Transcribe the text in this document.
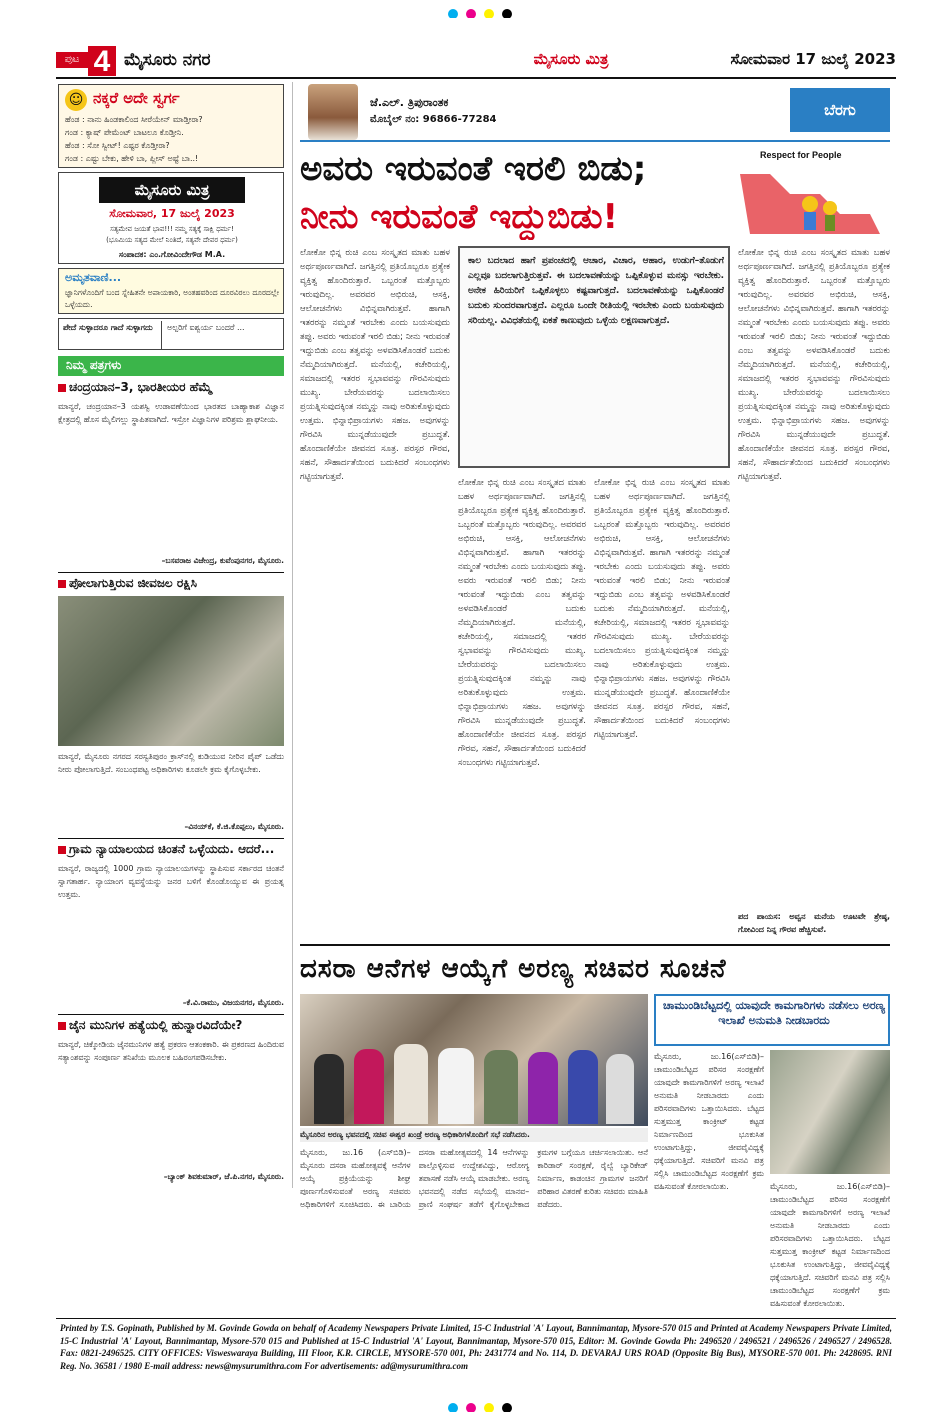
ಪುಟ 4 ಮೈಸೂರು ನಗರ	ಮೈಸೂರು ಮಿತ್ರ	ಸೋಮವಾರ 17 ಜುಲೈ 2023
☺ ನಕ್ಕರೆ ಅದೇ ಸ್ವರ್ಗ
ಹೆಂಡ : ನಾನು ಹಿಂಡಕಾಲಿಂದ ಸೀರೆಯೇನ್ ಮಾಡ್ತೀರಾ?
ಗಂಡ : ಕ್ಯಾಷ್ ಪೇಮೆಂಟ್ ಬಾಟಲೂ ಕೊಡ್ತೀನಿ.
ಹೆಂಡ : ಸೋ ಸ್ವೀಟ್! ಎಷ್ಟರ ಕೊಡ್ತೀರಾ?
ಗಂಡ : ಎಷ್ಟು ಬೇಕು, ಹೇಳಿ ಬಾ, ಪ್ಲೀಸ್ ಅಷ್ಟೆ ಬಾ..!
ಮೈಸೂರು ಮಿತ್ರ
ಸೋಮವಾರ, 17 ಜುಲೈ 2023
ಸತ್ಯಮೇವ ಜಯತೆ ಭಾವ!!! ನಮ್ಮ ಸತ್ಯಕ್ಕೆ ಸಾಕ್ಷಿ ಧರ್ಮ!
(ಭೂಮಿಯ ಸತ್ಯದ ಮೇಲೆ ನಿಂತಿದೆ, ಸತ್ಯವೇ ದೇವರ ಧರ್ಮ)
ಸಂಪಾದಕ: ಎಂ.ಗೋವಿಂದೇಗೌಡ M.A.
ಅಮೃತವಾಣಿ...
ಜ್ಞಾನಿಗಳೊಂದಿಗೆ ಬಂದ ಸ್ನೇಹಿತನೇ ಅಪಾಯಕಾರಿ, ಅಂತಹವರಿಂದ ದೂರವಿರಲು ದೂರದಲ್ಲೇ ಒಳ್ಳೆಯದು.
ಪೇದೆ ಸುಳ್ಳಾದರೂ ಗಾದೆ ಸುಳ್ಳಾಗದು	ಅಲ್ಪರಿಗೆ ಐಶ್ವರ್ಯ ಬಂದರೆ ...
ನಿಮ್ಮ ಪತ್ರಗಳು
ಚಂದ್ರಯಾನ–3, ಭಾರತೀಯರ ಹೆಮ್ಮೆ
ಮಾನ್ಯರೆ, ಚಂದ್ರಯಾನ–3 ಯಶಸ್ವಿ ಉಡಾವಣೆಯಿಂದ ಭಾರತದ ಬಾಹ್ಯಾಕಾಶ ವಿಜ್ಞಾನ ಕ್ಷೇತ್ರದಲ್ಲಿ ಹೊಸ ಮೈಲಿಗಲ್ಲು ಸ್ಥಾಪಿತವಾಗಿದೆ. ಇಸ್ರೋ ವಿಜ್ಞಾನಿಗಳ ಪರಿಶ್ರಮ ಶ್ಲಾಘನೀಯ.
–ಬಸವರಾಜ ವಿಜೇಂದ್ರ, ಕುವೆಂಪುನಗರ, ಮೈಸೂರು.
ಪೋಲಾಗುತ್ತಿರುವ ಜೀವಜಲ ರಕ್ಷಿಸಿ
ಮಾನ್ಯರೆ, ಮೈಸೂರು ನಗರದ ಸರಸ್ವತಿಪುರಂ ಕ್ರಾಸ್‌ನಲ್ಲಿ ಕುಡಿಯುವ ನೀರಿನ ಪೈಪ್ ಒಡೆದು ನೀರು ಪೋಲಾಗುತ್ತಿದೆ. ಸಂಬಂಧಪಟ್ಟ ಅಧಿಕಾರಿಗಳು ಕೂಡಲೇ ಕ್ರಮ ಕೈಗೊಳ್ಳಬೇಕು.
–ವಿನಯ್‌ಕೆ, ಕೆ.ಜಿ.ಕೊಪ್ಪಲು, ಮೈಸೂರು.
ಗ್ರಾಮ ನ್ಯಾಯಾಲಯದ ಚಿಂತನೆ ಒಳ್ಳೆಯದು. ಆದರೆ...
ಮಾನ್ಯರೆ, ರಾಜ್ಯದಲ್ಲಿ 1000 ಗ್ರಾಮ ನ್ಯಾಯಾಲಯಗಳನ್ನು ಸ್ಥಾಪಿಸುವ ಸರ್ಕಾರದ ಚಿಂತನೆ ಸ್ವಾಗತಾರ್ಹ. ನ್ಯಾಯಾಂಗ ವ್ಯವಸ್ಥೆಯನ್ನು ಜನರ ಬಳಿಗೆ ಕೊಂಡೊಯ್ಯುವ ಈ ಪ್ರಯತ್ನ ಉತ್ತಮ.
–ಕೆ.ವಿ.ರಾಮು, ವಿಜಯನಗರ, ಮೈಸೂರು.
ಜೈನ ಮುನಿಗಳ ಹತ್ಯೆಯಲ್ಲಿ ಹುನ್ನಾರವಿದೆಯೇ?
ಮಾನ್ಯರೆ, ಚಿಕ್ಕೋಡಿಯ ಜೈನಮುನಿಗಳ ಹತ್ಯೆ ಪ್ರಕರಣ ಆತಂಕಕಾರಿ. ಈ ಪ್ರಕರಣದ ಹಿಂದಿರುವ ಸತ್ಯಾಂಶವನ್ನು ಸಂಪೂರ್ಣ ತನಿಖೆಯ ಮೂಲಕ ಬಹಿರಂಗಪಡಿಸಬೇಕು.
–ಬ್ಯಾಂಕ್ ಶಿವಕುಮಾರ್, ಜೆ.ಪಿ.ನಗರ, ಮೈಸೂರು.
ಜೆ.ಎಲ್. ತ್ರಿಪುರಾಂತಕ
ಮೊಬೈಲ್ ನಂ: 96866-77284
ಬೆರಗು
ಅವರು ಇರುವಂತೆ ಇರಲಿ ಬಿಡು;
ನೀನು ಇರುವಂತೆ ಇದ್ದುಬಿಡು!
Respect for People
ಲೋಕೋ ಭಿನ್ನ ರುಚಿ ಎಂಬ ಸಂಸ್ಕೃತದ ಮಾತು ಬಹಳ ಅರ್ಥಪೂರ್ಣವಾಗಿದೆ. ಜಗತ್ತಿನಲ್ಲಿ ಪ್ರತಿಯೊಬ್ಬರೂ ಪ್ರತ್ಯೇಕ ವ್ಯಕ್ತಿತ್ವ ಹೊಂದಿರುತ್ತಾರೆ. ಒಬ್ಬರಂತೆ ಮತ್ತೊಬ್ಬರು ಇರುವುದಿಲ್ಲ. ಅವರವರ ಅಭಿರುಚಿ, ಆಸಕ್ತಿ, ಆಲೋಚನೆಗಳು ವಿಭಿನ್ನವಾಗಿರುತ್ತವೆ. ಹಾಗಾಗಿ ಇತರರನ್ನು ನಮ್ಮಂತೆ ಇರಬೇಕು ಎಂದು ಬಯಸುವುದು ತಪ್ಪು. ಅವರು ಇರುವಂತೆ ಇರಲಿ ಬಿಡು; ನೀನು ಇರುವಂತೆ ಇದ್ದುಬಿಡು ಎಂಬ ತತ್ವವನ್ನು ಅಳವಡಿಸಿಕೊಂಡರೆ ಬದುಕು ನೆಮ್ಮದಿಯಾಗಿರುತ್ತದೆ. ಮನೆಯಲ್ಲಿ, ಕಚೇರಿಯಲ್ಲಿ, ಸಮಾಜದಲ್ಲಿ ಇತರರ ಸ್ವಭಾವವನ್ನು ಗೌರವಿಸುವುದು ಮುಖ್ಯ. ಬೇರೆಯವರನ್ನು ಬದಲಾಯಿಸಲು ಪ್ರಯತ್ನಿಸುವುದಕ್ಕಿಂತ ನಮ್ಮನ್ನು ನಾವು ಅರಿತುಕೊಳ್ಳುವುದು ಉತ್ತಮ. ಭಿನ್ನಾಭಿಪ್ರಾಯಗಳು ಸಹಜ. ಅವುಗಳನ್ನು ಗೌರವಿಸಿ ಮುನ್ನಡೆಯುವುದೇ ಪ್ರಬುದ್ಧತೆ. ಹೊಂದಾಣಿಕೆಯೇ ಜೀವನದ ಸೂತ್ರ. ಪರಸ್ಪರ ಗೌರವ, ಸಹನೆ, ಸೌಹಾರ್ದತೆಯಿಂದ ಬದುಕಿದರೆ ಸಂಬಂಧಗಳು ಗಟ್ಟಿಯಾಗುತ್ತವೆ.
ಕಾಲ ಬದಲಾದ ಹಾಗೆ ಪ್ರಪಂಚದಲ್ಲಿ ಆಚಾರ, ವಿಚಾರ, ಆಹಾರ, ಉಡುಗೆ–ತೊಡುಗೆ ಎಲ್ಲವೂ ಬದಲಾಗುತ್ತಿರುತ್ತವೆ. ಈ ಬದಲಾವಣೆಯನ್ನು ಒಪ್ಪಿಕೊಳ್ಳುವ ಮನಸ್ಸು ಇರಬೇಕು. ಅನೇಕ ಹಿರಿಯರಿಗೆ ಒಪ್ಪಿಕೊಳ್ಳಲು ಕಷ್ಟವಾಗುತ್ತದೆ. ಬದಲಾವಣೆಯನ್ನು ಒಪ್ಪಿಕೊಂಡರೆ ಬದುಕು ಸುಂದರವಾಗುತ್ತದೆ. ಎಲ್ಲರೂ ಒಂದೇ ರೀತಿಯಲ್ಲಿ ಇರಬೇಕು ಎಂದು ಬಯಸುವುದು ಸರಿಯಲ್ಲ. ವಿವಿಧತೆಯಲ್ಲಿ ಏಕತೆ ಕಾಣುವುದು ಒಳ್ಳೆಯ ಲಕ್ಷಣವಾಗುತ್ತದೆ.
ಲೋಕೋ ಭಿನ್ನ ರುಚಿ ಎಂಬ ಸಂಸ್ಕೃತದ ಮಾತು ಬಹಳ ಅರ್ಥಪೂರ್ಣವಾಗಿದೆ. ಜಗತ್ತಿನಲ್ಲಿ ಪ್ರತಿಯೊಬ್ಬರೂ ಪ್ರತ್ಯೇಕ ವ್ಯಕ್ತಿತ್ವ ಹೊಂದಿರುತ್ತಾರೆ. ಒಬ್ಬರಂತೆ ಮತ್ತೊಬ್ಬರು ಇರುವುದಿಲ್ಲ. ಅವರವರ ಅಭಿರುಚಿ, ಆಸಕ್ತಿ, ಆಲೋಚನೆಗಳು ವಿಭಿನ್ನವಾಗಿರುತ್ತವೆ. ಹಾಗಾಗಿ ಇತರರನ್ನು ನಮ್ಮಂತೆ ಇರಬೇಕು ಎಂದು ಬಯಸುವುದು ತಪ್ಪು. ಅವರು ಇರುವಂತೆ ಇರಲಿ ಬಿಡು; ನೀನು ಇರುವಂತೆ ಇದ್ದುಬಿಡು ಎಂಬ ತತ್ವವನ್ನು ಅಳವಡಿಸಿಕೊಂಡರೆ ಬದುಕು ನೆಮ್ಮದಿಯಾಗಿರುತ್ತದೆ. ಮನೆಯಲ್ಲಿ, ಕಚೇರಿಯಲ್ಲಿ, ಸಮಾಜದಲ್ಲಿ ಇತರರ ಸ್ವಭಾವವನ್ನು ಗೌರವಿಸುವುದು ಮುಖ್ಯ. ಬೇರೆಯವರನ್ನು ಬದಲಾಯಿಸಲು ಪ್ರಯತ್ನಿಸುವುದಕ್ಕಿಂತ ನಮ್ಮನ್ನು ನಾವು ಅರಿತುಕೊಳ್ಳುವುದು ಉತ್ತಮ. ಭಿನ್ನಾಭಿಪ್ರಾಯಗಳು ಸಹಜ. ಅವುಗಳನ್ನು ಗೌರವಿಸಿ ಮುನ್ನಡೆಯುವುದೇ ಪ್ರಬುದ್ಧತೆ. ಹೊಂದಾಣಿಕೆಯೇ ಜೀವನದ ಸೂತ್ರ. ಪರಸ್ಪರ ಗೌರವ, ಸಹನೆ, ಸೌಹಾರ್ದತೆಯಿಂದ ಬದುಕಿದರೆ ಸಂಬಂಧಗಳು ಗಟ್ಟಿಯಾಗುತ್ತವೆ.
ಲೋಕೋ ಭಿನ್ನ ರುಚಿ ಎಂಬ ಸಂಸ್ಕೃತದ ಮಾತು ಬಹಳ ಅರ್ಥಪೂರ್ಣವಾಗಿದೆ. ಜಗತ್ತಿನಲ್ಲಿ ಪ್ರತಿಯೊಬ್ಬರೂ ಪ್ರತ್ಯೇಕ ವ್ಯಕ್ತಿತ್ವ ಹೊಂದಿರುತ್ತಾರೆ. ಒಬ್ಬರಂತೆ ಮತ್ತೊಬ್ಬರು ಇರುವುದಿಲ್ಲ. ಅವರವರ ಅಭಿರುಚಿ, ಆಸಕ್ತಿ, ಆಲೋಚನೆಗಳು ವಿಭಿನ್ನವಾಗಿರುತ್ತವೆ. ಹಾಗಾಗಿ ಇತರರನ್ನು ನಮ್ಮಂತೆ ಇರಬೇಕು ಎಂದು ಬಯಸುವುದು ತಪ್ಪು. ಅವರು ಇರುವಂತೆ ಇರಲಿ ಬಿಡು; ನೀನು ಇರುವಂತೆ ಇದ್ದುಬಿಡು ಎಂಬ ತತ್ವವನ್ನು ಅಳವಡಿಸಿಕೊಂಡರೆ ಬದುಕು ನೆಮ್ಮದಿಯಾಗಿರುತ್ತದೆ. ಮನೆಯಲ್ಲಿ, ಕಚೇರಿಯಲ್ಲಿ, ಸಮಾಜದಲ್ಲಿ ಇತರರ ಸ್ವಭಾವವನ್ನು ಗೌರವಿಸುವುದು ಮುಖ್ಯ. ಬೇರೆಯವರನ್ನು ಬದಲಾಯಿಸಲು ಪ್ರಯತ್ನಿಸುವುದಕ್ಕಿಂತ ನಮ್ಮನ್ನು ನಾವು ಅರಿತುಕೊಳ್ಳುವುದು ಉತ್ತಮ. ಭಿನ್ನಾಭಿಪ್ರಾಯಗಳು ಸಹಜ. ಅವುಗಳನ್ನು ಗೌರವಿಸಿ ಮುನ್ನಡೆಯುವುದೇ ಪ್ರಬುದ್ಧತೆ. ಹೊಂದಾಣಿಕೆಯೇ ಜೀವನದ ಸೂತ್ರ. ಪರಸ್ಪರ ಗೌರವ, ಸಹನೆ, ಸೌಹಾರ್ದತೆಯಿಂದ ಬದುಕಿದರೆ ಸಂಬಂಧಗಳು ಗಟ್ಟಿಯಾಗುತ್ತವೆ.
ಲೋಕೋ ಭಿನ್ನ ರುಚಿ ಎಂಬ ಸಂಸ್ಕೃತದ ಮಾತು ಬಹಳ ಅರ್ಥಪೂರ್ಣವಾಗಿದೆ. ಜಗತ್ತಿನಲ್ಲಿ ಪ್ರತಿಯೊಬ್ಬರೂ ಪ್ರತ್ಯೇಕ ವ್ಯಕ್ತಿತ್ವ ಹೊಂದಿರುತ್ತಾರೆ. ಒಬ್ಬರಂತೆ ಮತ್ತೊಬ್ಬರು ಇರುವುದಿಲ್ಲ. ಅವರವರ ಅಭಿರುಚಿ, ಆಸಕ್ತಿ, ಆಲೋಚನೆಗಳು ವಿಭಿನ್ನವಾಗಿರುತ್ತವೆ. ಹಾಗಾಗಿ ಇತರರನ್ನು ನಮ್ಮಂತೆ ಇರಬೇಕು ಎಂದು ಬಯಸುವುದು ತಪ್ಪು. ಅವರು ಇರುವಂತೆ ಇರಲಿ ಬಿಡು; ನೀನು ಇರುವಂತೆ ಇದ್ದುಬಿಡು ಎಂಬ ತತ್ವವನ್ನು ಅಳವಡಿಸಿಕೊಂಡರೆ ಬದುಕು ನೆಮ್ಮದಿಯಾಗಿರುತ್ತದೆ. ಮನೆಯಲ್ಲಿ, ಕಚೇರಿಯಲ್ಲಿ, ಸಮಾಜದಲ್ಲಿ ಇತರರ ಸ್ವಭಾವವನ್ನು ಗೌರವಿಸುವುದು ಮುಖ್ಯ. ಬೇರೆಯವರನ್ನು ಬದಲಾಯಿಸಲು ಪ್ರಯತ್ನಿಸುವುದಕ್ಕಿಂತ ನಮ್ಮನ್ನು ನಾವು ಅರಿತುಕೊಳ್ಳುವುದು ಉತ್ತಮ. ಭಿನ್ನಾಭಿಪ್ರಾಯಗಳು ಸಹಜ. ಅವುಗಳನ್ನು ಗೌರವಿಸಿ ಮುನ್ನಡೆಯುವುದೇ ಪ್ರಬುದ್ಧತೆ. ಹೊಂದಾಣಿಕೆಯೇ ಜೀವನದ ಸೂತ್ರ. ಪರಸ್ಪರ ಗೌರವ, ಸಹನೆ, ಸೌಹಾರ್ದತೆಯಿಂದ ಬದುಕಿದರೆ ಸಂಬಂಧಗಳು ಗಟ್ಟಿಯಾಗುತ್ತವೆ.
ಪದ ಪಾಯಸ: ಅವ್ವನ ಮನೆಯ ಊಟವೇ ಶ್ರೇಷ್ಠ, ಗೋವಿಂದ ನಿನ್ನ ಗೌರವ ಹೆಚ್ಚಿಸುವೆ.
ದಸರಾ ಆನೆಗಳ ಆಯ್ಕೆಗೆ ಅರಣ್ಯ ಸಚಿವರ ಸೂಚನೆ
ಮೈಸೂರಿನ ಅರಣ್ಯ ಭವನದಲ್ಲಿ ಸಚಿವ ಈಶ್ವರ ಖಂಡ್ರೆ ಅರಣ್ಯ ಅಧಿಕಾರಿಗಳೊಂದಿಗೆ ಸಭೆ ನಡೆಸಿದರು.
ಮೈಸೂರು, ಜು.16 (ಎಸ್‌ಬಿಡಿ)– ಮೈಸೂರು ದಸರಾ ಮಹೋತ್ಸವಕ್ಕೆ ಆನೆಗಳ ಆಯ್ಕೆ ಪ್ರಕ್ರಿಯೆಯನ್ನು ಶೀಘ್ರ ಪೂರ್ಣಗೊಳಿಸುವಂತೆ ಅರಣ್ಯ ಸಚಿವರು ಅಧಿಕಾರಿಗಳಿಗೆ ಸೂಚಿಸಿದರು. ಈ ಬಾರಿಯ ದಸರಾ ಮಹೋತ್ಸವದಲ್ಲಿ 14 ಆನೆಗಳನ್ನು ಪಾಲ್ಗೊಳ್ಳಿಸುವ ಉದ್ದೇಶವಿದ್ದು, ಆರೋಗ್ಯ ತಪಾಸಣೆ ನಡೆಸಿ ಆಯ್ಕೆ ಮಾಡಬೇಕು. ಅರಣ್ಯ ಭವನದಲ್ಲಿ ನಡೆದ ಸಭೆಯಲ್ಲಿ ಮಾನವ–ಪ್ರಾಣಿ ಸಂಘರ್ಷ ತಡೆಗೆ ಕೈಗೊಳ್ಳಬೇಕಾದ ಕ್ರಮಗಳ ಬಗ್ಗೆಯೂ ಚರ್ಚಿಸಲಾಯಿತು. ಆನೆ ಕಾರಿಡಾರ್ ಸಂರಕ್ಷಣೆ, ರೈಲ್ವೆ ಬ್ಯಾರಿಕೇಡ್ ನಿರ್ಮಾಣ, ಕಾಡಂಚಿನ ಗ್ರಾಮಗಳ ಜನರಿಗೆ ಪರಿಹಾರ ವಿತರಣೆ ಕುರಿತು ಸಚಿವರು ಮಾಹಿತಿ ಪಡೆದರು.
ಚಾಮುಂಡಿಬೆಟ್ಟದಲ್ಲಿ ಯಾವುದೇ ಕಾಮಗಾರಿಗಳು ನಡೆಸಲು ಅರಣ್ಯ ಇಲಾಖೆ ಅನುಮತಿ ನೀಡಬಾರದು
ಮೈಸೂರು, ಜು.16(ಎಸ್‌ಬಿಡಿ)– ಚಾಮುಂಡಿಬೆಟ್ಟದ ಪರಿಸರ ಸಂರಕ್ಷಣೆಗೆ ಯಾವುದೇ ಕಾಮಗಾರಿಗಳಿಗೆ ಅರಣ್ಯ ಇಲಾಖೆ ಅನುಮತಿ ನೀಡಬಾರದು ಎಂದು ಪರಿಸರವಾದಿಗಳು ಒತ್ತಾಯಿಸಿದರು. ಬೆಟ್ಟದ ಸುತ್ತಮುತ್ತ ಕಾಂಕ್ರೀಟ್ ಕಟ್ಟಡ ನಿರ್ಮಾಣದಿಂದ ಭೂಕುಸಿತ ಉಂಟಾಗುತ್ತಿದ್ದು, ಜೀವವೈವಿಧ್ಯಕ್ಕೆ ಧಕ್ಕೆಯಾಗುತ್ತಿದೆ. ಸಚಿವರಿಗೆ ಮನವಿ ಪತ್ರ ಸಲ್ಲಿಸಿ ಚಾಮುಂಡಿಬೆಟ್ಟದ ಸಂರಕ್ಷಣೆಗೆ ಕ್ರಮ ವಹಿಸುವಂತೆ ಕೋರಲಾಯಿತು.	ಮೈಸೂರು, ಜು.16(ಎಸ್‌ಬಿಡಿ)– ಚಾಮುಂಡಿಬೆಟ್ಟದ ಪರಿಸರ ಸಂರಕ್ಷಣೆಗೆ ಯಾವುದೇ ಕಾಮಗಾರಿಗಳಿಗೆ ಅರಣ್ಯ ಇಲಾಖೆ ಅನುಮತಿ ನೀಡಬಾರದು ಎಂದು ಪರಿಸರವಾದಿಗಳು ಒತ್ತಾಯಿಸಿದರು. ಬೆಟ್ಟದ ಸುತ್ತಮುತ್ತ ಕಾಂಕ್ರೀಟ್ ಕಟ್ಟಡ ನಿರ್ಮಾಣದಿಂದ ಭೂಕುಸಿತ ಉಂಟಾಗುತ್ತಿದ್ದು, ಜೀವವೈವಿಧ್ಯಕ್ಕೆ ಧಕ್ಕೆಯಾಗುತ್ತಿದೆ. ಸಚಿವರಿಗೆ ಮನವಿ ಪತ್ರ ಸಲ್ಲಿಸಿ ಚಾಮುಂಡಿಬೆಟ್ಟದ ಸಂರಕ್ಷಣೆಗೆ ಕ್ರಮ ವಹಿಸುವಂತೆ ಕೋರಲಾಯಿತು.
Printed by T.S. Gopinath, Published by M. Govinde Gowda on behalf of Academy Newspapers Private Limited, 15-C Industrial 'A' Layout, Bannimantap, Mysore-570 015 and Printed at Academy Newspapers Private Limited, 15-C Industrial 'A' Layout, Bannimantap, Mysore-570 015 and Published at 15-C Industrial 'A' Layout, Bannimantap, Mysore-570 015, Editor: M. Govinde Gowda Ph: 2496520 / 2496521 / 2496526 / 2496527 / 2496528. Fax: 0821-2496525. CITY OFFICES: Visweswaraya Building, III Floor, K.R. CIRCLE, MYSORE-570 001, Ph: 2431774 and No. 114, D. DEVARAJ URS ROAD (Opposite Big Bus), MYSORE-570 001. Ph: 2428695. RNI Reg. No. 36581 / 1980 E-mail address: news@mysurumithra.com For advertisements: ad@mysurumithra.com
